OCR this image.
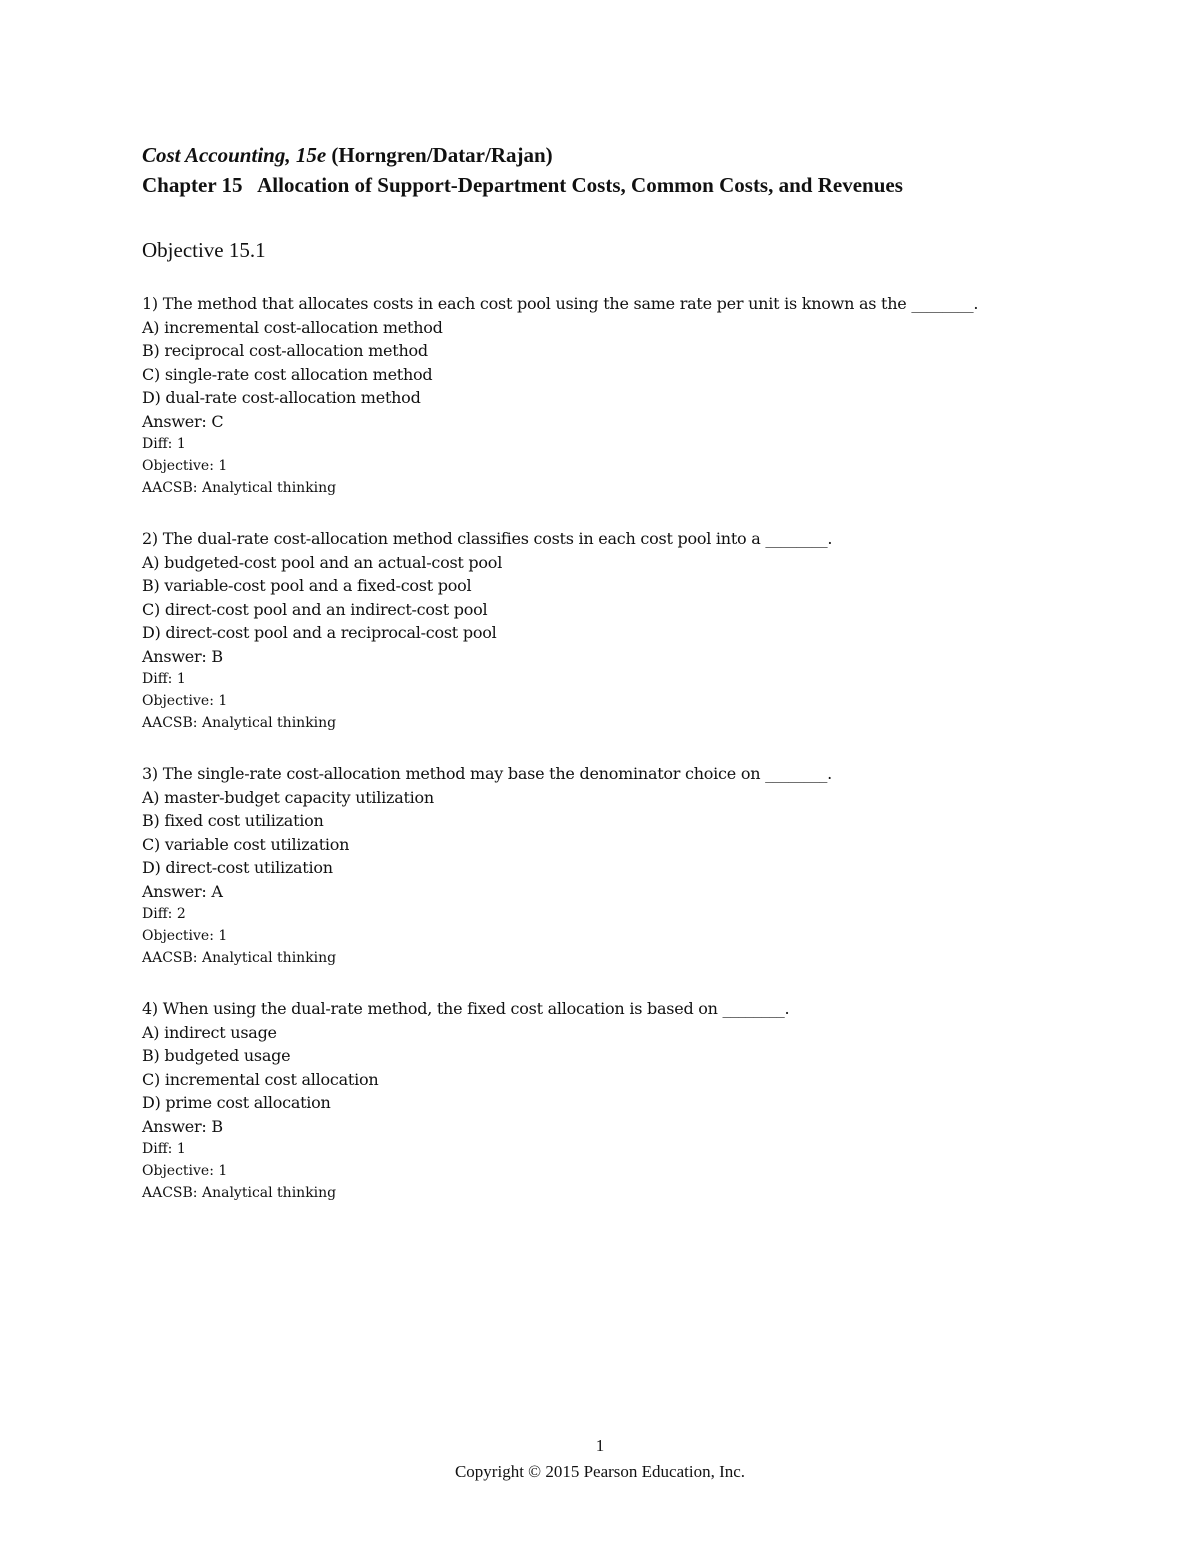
Cost Accounting, 15e (Horngren/Datar/Rajan)
Chapter 15 Allocation of Support-Department Costs, Common Costs, and Revenues
Objective 15.1
1) The method that allocates costs in each cost pool using the same rate per unit is known as the ________.
A) incremental cost-allocation method
B) reciprocal cost-allocation method
C) single-rate cost allocation method
D) dual-rate cost-allocation method
Answer: C
Diff: 1
Objective: 1
AACSB: Analytical thinking
2) The dual-rate cost-allocation method classifies costs in each cost pool into a ________.
A) budgeted-cost pool and an actual-cost pool
B) variable-cost pool and a fixed-cost pool
C) direct-cost pool and an indirect-cost pool
D) direct-cost pool and a reciprocal-cost pool
Answer: B
Diff: 1
Objective: 1
AACSB: Analytical thinking
3) The single-rate cost-allocation method may base the denominator choice on ________.
A) master-budget capacity utilization
B) fixed cost utilization
C) variable cost utilization
D) direct-cost utilization
Answer: A
Diff: 2
Objective: 1
AACSB: Analytical thinking
4) When using the dual-rate method, the fixed cost allocation is based on ________.
A) indirect usage
B) budgeted usage
C) incremental cost allocation
D) prime cost allocation
Answer: B
Diff: 1
Objective: 1
AACSB: Analytical thinking
1
Copyright © 2015 Pearson Education, Inc.
